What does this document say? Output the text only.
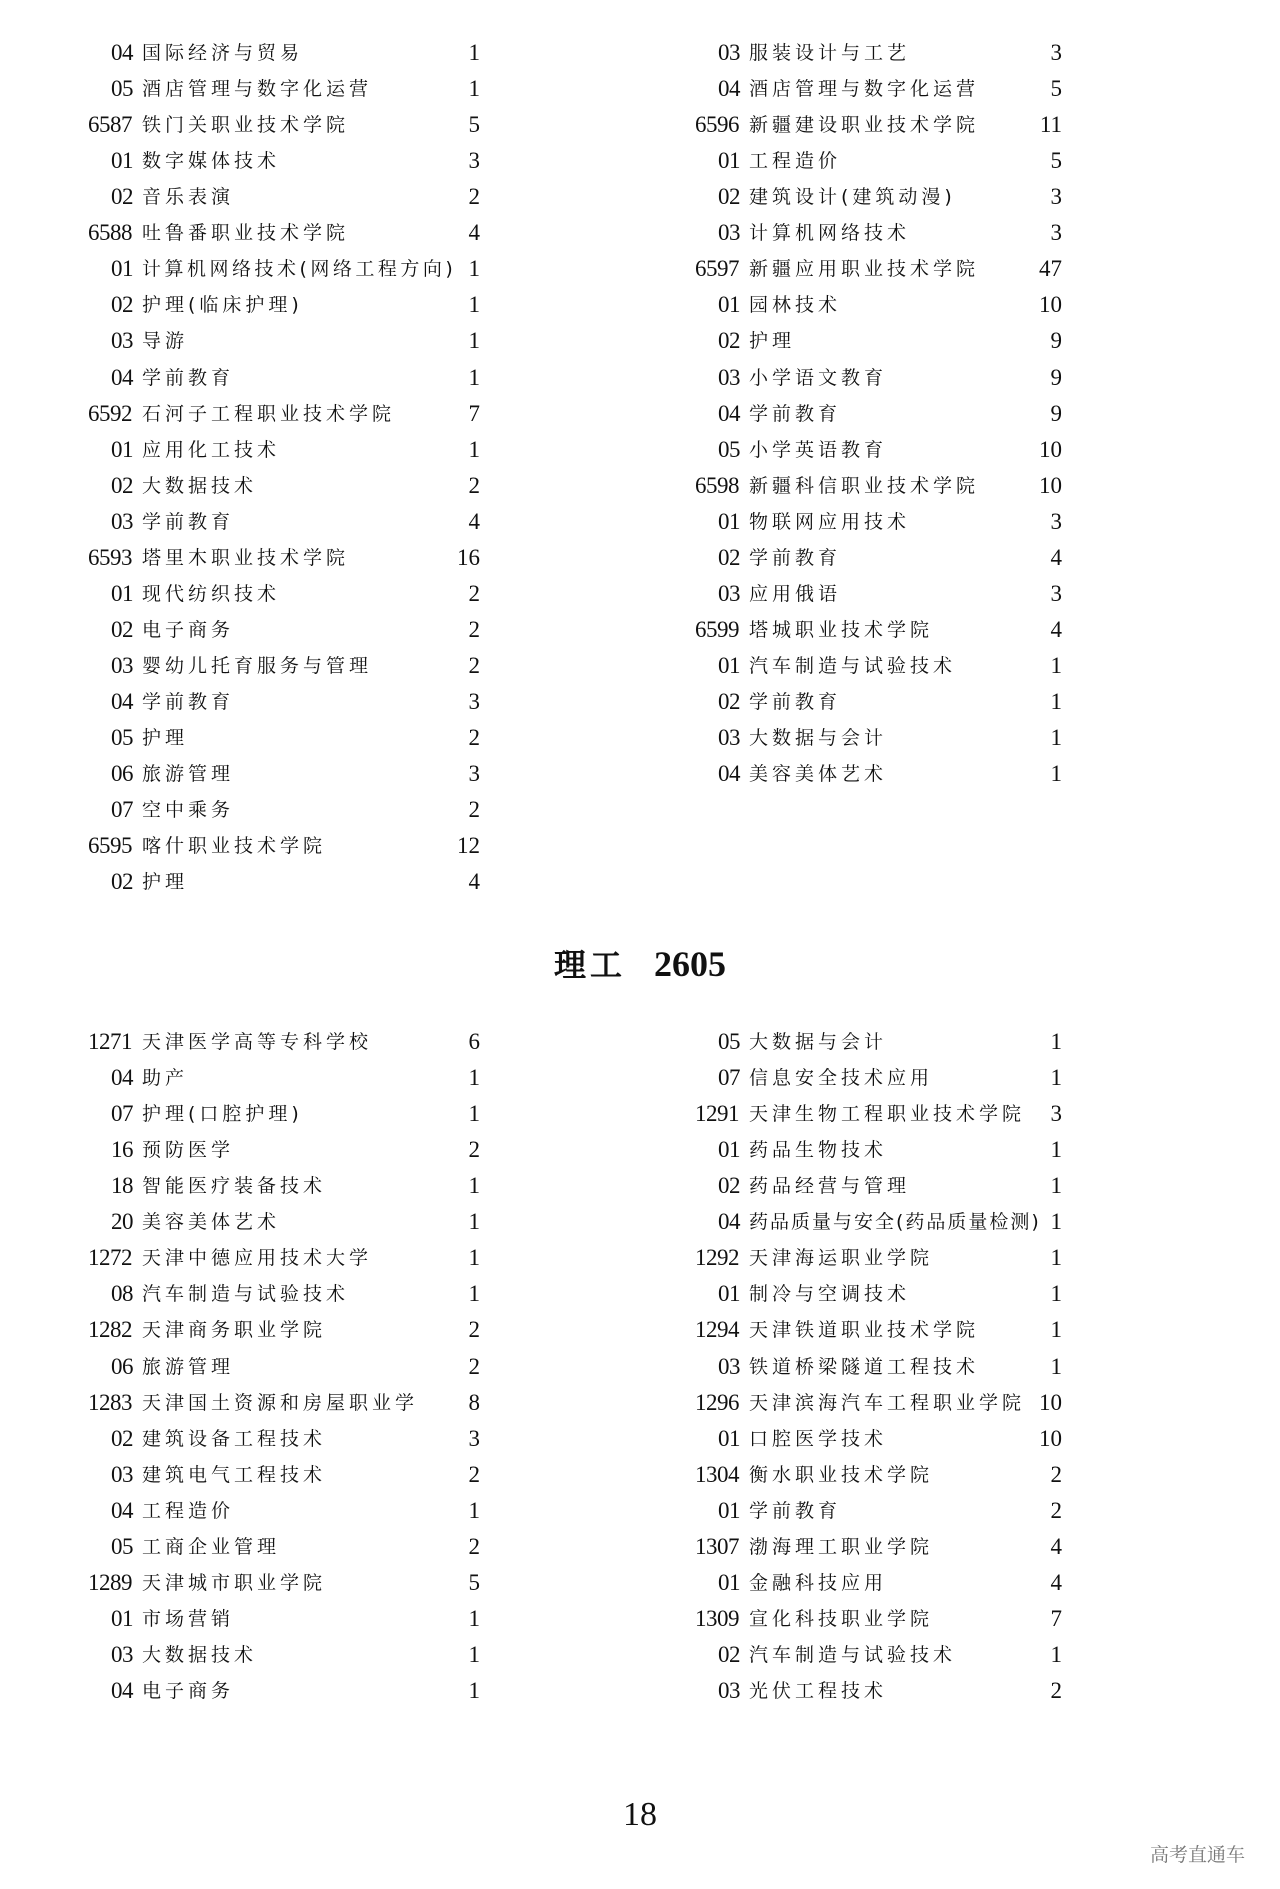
04 国际经济与贸易	1
05 酒店管理与数字化运营	1
6587 铁门关职业技术学院	5
01 数字媒体技术	3
02 音乐表演	2
6588 吐鲁番职业技术学院	4
01 计算机网络技术(网络工程方向) 1
02 护理(临床护理)	1
03 导游	1
04 学前教育	1
6592 石河子工程职业技术学院	7
01 应用化工技术	1
02 大数据技术	2
03 学前教育	4
6593 塔里木职业技术学院	16
01 现代纺织技术	2
02 电子商务	2
03 婴幼儿托育服务与管理	2
04 学前教育	3
05 护理	2
06 旅游管理	3
07 空中乘务	2
6595 喀什职业技术学院	12
02 护理	4
03 服装设计与工艺	3
04 酒店管理与数字化运营	5
6596 新疆建设职业技术学院	11
01 工程造价	5
02 建筑设计(建筑动漫)	3
03 计算机网络技术	3
6597 新疆应用职业技术学院	47
01 园林技术	10
02 护理	9
03 小学语文教育	9
04 学前教育	9
05 小学英语教育	10
6598 新疆科信职业技术学院	10
01 物联网应用技术	3
02 学前教育	4
03 应用俄语	3
6599 塔城职业技术学院	4
01 汽车制造与试验技术	1
02 学前教育	1
03 大数据与会计	1
04 美容美体艺术	1
理工 2605
1271 天津医学高等专科学校	6
04 助产	1
07 护理(口腔护理)	1
16 预防医学	2
18 智能医疗装备技术	1
20 美容美体艺术	1
1272 天津中德应用技术大学	1
08 汽车制造与试验技术	1
1282 天津商务职业学院	2
06 旅游管理	2
1283 天津国土资源和房屋职业学 8
02 建筑设备工程技术	3
03 建筑电气工程技术	2
04 工程造价	1
05 工商企业管理	2
1289 天津城市职业学院	5
01 市场营销	1
03 大数据技术	1
04 电子商务	1
05 大数据与会计	1
07 信息安全技术应用	1
1291 天津生物工程职业技术学院 3
01 药品生物技术	1
02 药品经营与管理	1
04 药品质量与安全(药品质量检测) 1
1292 天津海运职业学院	1
01 制冷与空调技术	1
1294 天津铁道职业技术学院	1
03 铁道桥梁隧道工程技术	1
1296 天津滨海汽车工程职业学院 10
01 口腔医学技术	10
1304 衡水职业技术学院	2
01 学前教育	2
1307 渤海理工职业学院	4
01 金融科技应用	4
1309 宣化科技职业学院	7
02 汽车制造与试验技术	1
03 光伏工程技术	2
18
高考直通车
